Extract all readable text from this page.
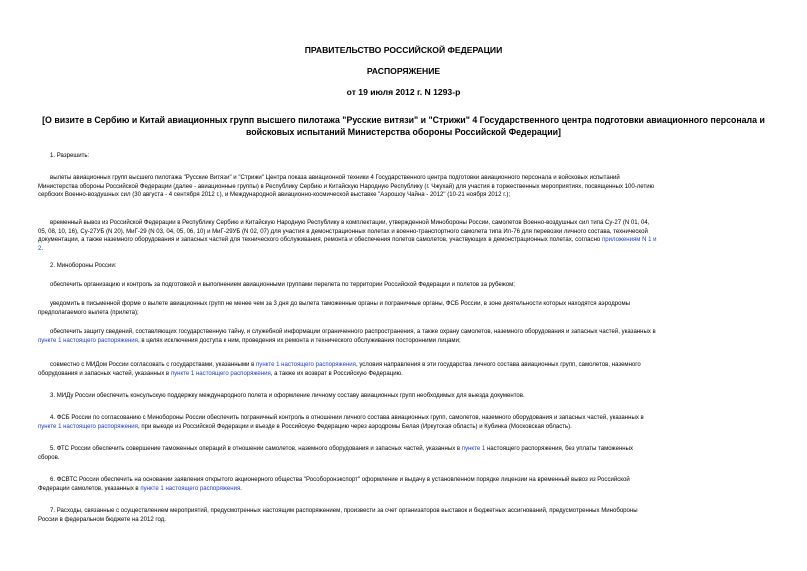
ПРАВИТЕЛЬСТВО РОССИЙСКОЙ ФЕДЕРАЦИИ
РАСПОРЯЖЕНИЕ
от 19 июля 2012 г. N 1293-р
[О визите в Сербию и Китай авиационных групп высшего пилотажа "Русские витязи" и "Стрижи" 4 Государственного центра подготовки авиационного персонала и
войсковых испытаний Министерства обороны Российской Федерации]
1. Разрешить:
вылеты авиационных групп высшего пилотажа "Русские Витязи" и "Стрижи" Центра показа авиационной техники 4 Государственного центра подготовки авиационного персонала и войсковых испытаний
Министерства обороны Российской Федерации (далее - авиационные группы) в Республику Сербию и Китайскую Народную Республику (г. Чжухай) для участия в торжественных мероприятиях, посвященных 100-летию
сербских Военно-воздушных сил (30 августа - 4 сентября 2012 г.), и Международной авиационно-космической выставке "Аэрошоу Чайна - 2012" (10-21 ноября 2012 г.);
временный вывоз из Российской Федерации в Республику Сербию и Китайскую Народную Республику в комплектации, утвержденной Минобороны России, самолетов Военно-воздушных сил типа Су-27 (N 01, 04,
05, 08, 10, 16), Су-27УБ (N 20), МиГ-29 (N 03, 04, 05, 06, 10) и МиГ-29УБ (N 02, 07) для участия в демонстрационных полетах и военно-транспортного самолета типа Ил-76 для перевозки личного состава, технической
документации, а также наземного оборудования и запасных частей для технического обслуживания, ремонта и обеспечения полетов самолетов, участвующих в демонстрационных полетах, согласно приложениям N 1 и
2.
2. Минобороны России:
обеспечить организацию и контроль за подготовкой и выполнением авиационными группами перелета по территории Российской Федерации и полетов за рубежом;
уведомить в письменной форме о вылете авиационных групп не менее чем за 3 дня до вылета таможенные органы и пограничные органы, ФСБ России, в зоне деятельности которых находятся аэродромы
предполагаемого вылета (прилета);
обеспечить защиту сведений, составляющих государственную тайну, и служебной информации ограниченного распространения, а также охрану самолетов, наземного оборудования и запасных частей, указанных в
пункте 1 настоящего распоряжения, в целях исключения доступа к ним, проведения их ремонта и технического обслуживания посторонними лицами;
совместно с МИДом России согласовать с государствами, указанными в пункте 1 настоящего распоряжения, условия направления в эти государства личного состава авиационных групп, самолетов, наземного
оборудования и запасных частей, указанных в пункте 1 настоящего распоряжения, а также их возврат в Российскую Федерацию.
3. МИДу России обеспечить консульскую поддержку международного полета и оформление личному составу авиационных групп необходимых для выезда документов.
4. ФСБ России по согласованию с Минобороны России обеспечить пограничный контроль в отношении личного состава авиационных групп, самолетов, наземного оборудования и запасных частей, указанных в
пункте 1 настоящего распоряжения, при выезде из Российской Федерации и въезде в Российскую Федерацию через аэродромы Белая (Иркутская область) и Кубинка (Московская область).
5. ФТС России обеспечить совершение таможенных операций в отношении самолетов, наземного оборудования и запасных частей, указанных в пункте 1 настоящего распоряжения, без уплаты таможенных
сборов.
6. ФСВТС России обеспечить на основании заявления открытого акционерного общества "Рособоронэкспорт" оформление и выдачу в установленном порядке лицензии на временный вывоз из Российской
Федерации самолетов, указанных в пункте 1 настоящего распоряжения.
7. Расходы, связанные с осуществлением мероприятий, предусмотренных настоящим распоряжением, произвести за счет организаторов выставок и бюджетных ассигнований, предусмотренных Минобороны
России в федеральном бюджете на 2012 год.
